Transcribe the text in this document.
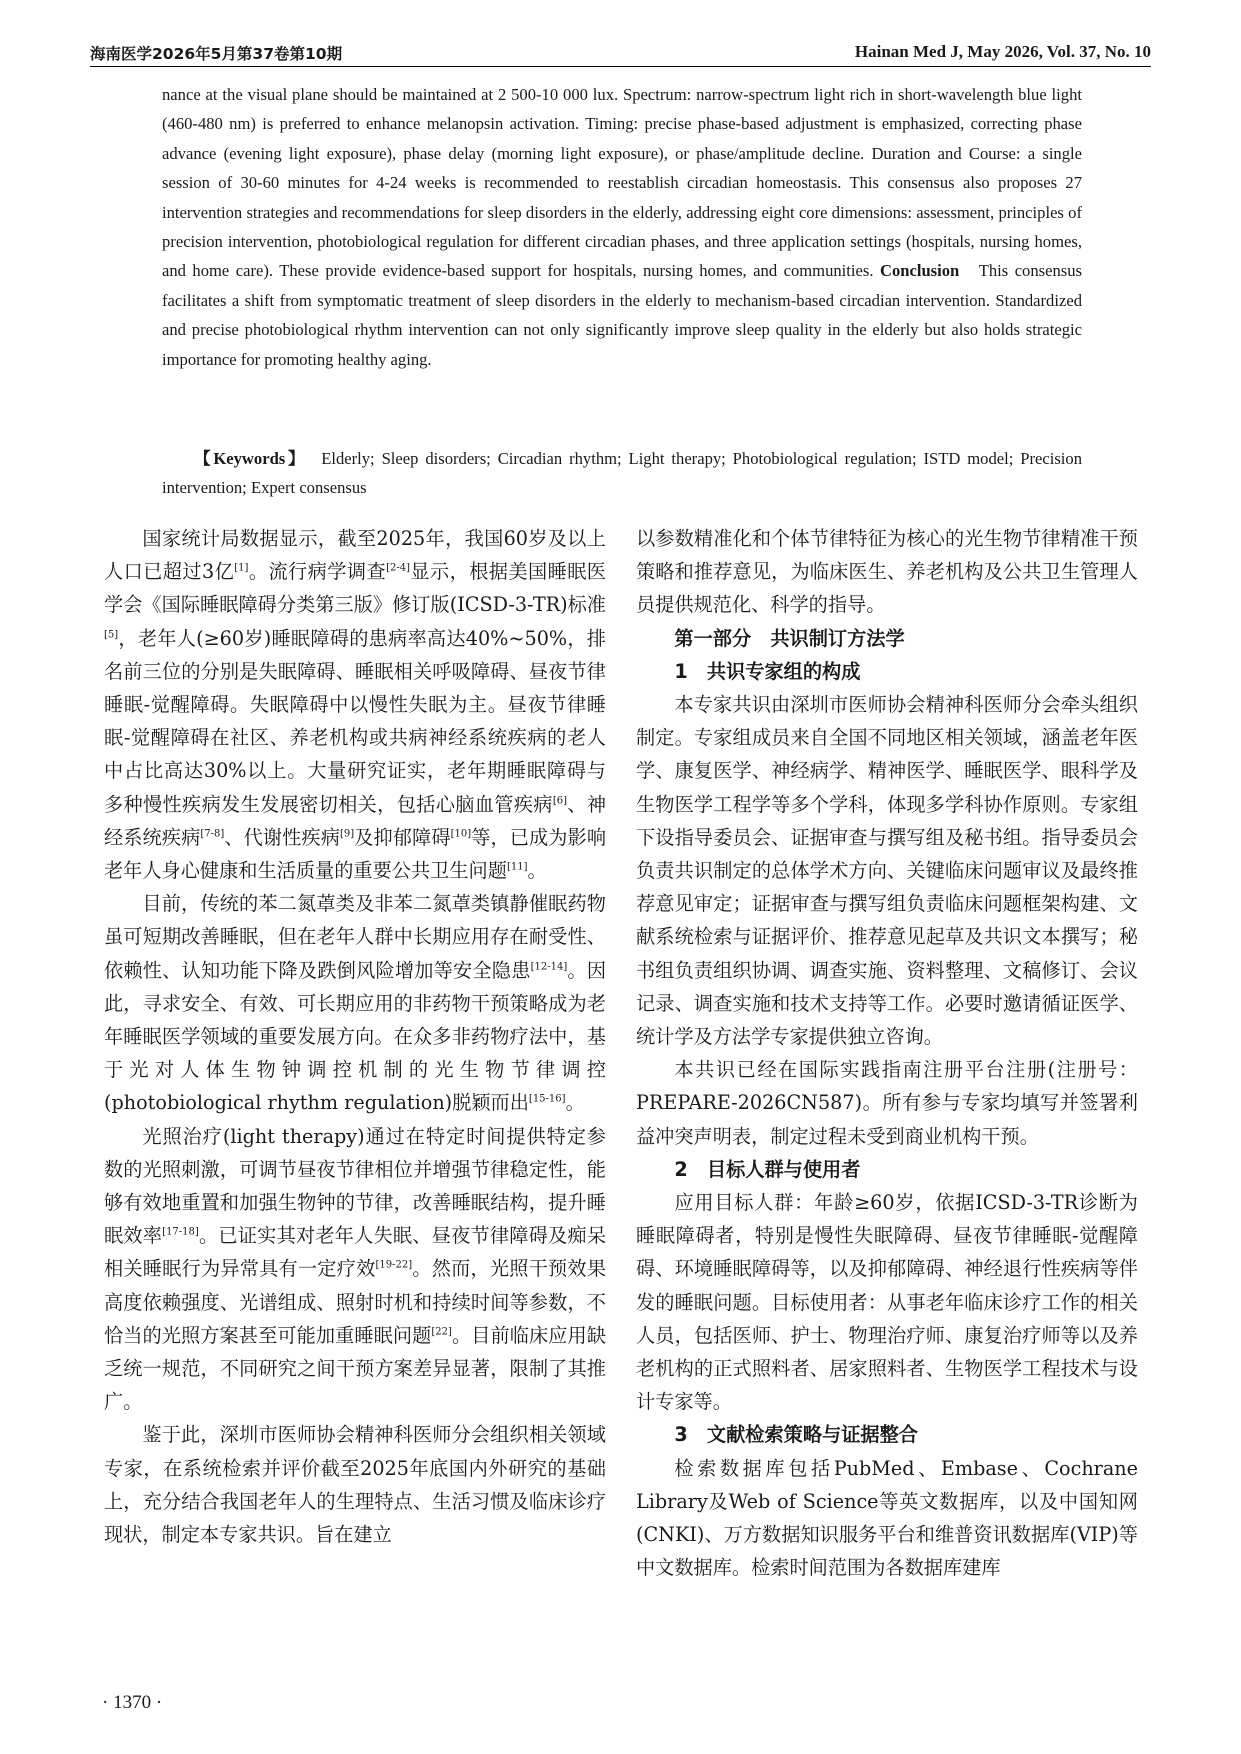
海南医学2026年5月第37卷第10期	Hainan Med J, May 2026, Vol. 37, No. 10

nance at the visual plane should be maintained at 2 500-10 000 lux. Spectrum: narrow-spectrum light rich in short-wavelength blue light (460-480 nm) is preferred to enhance melanopsin activation. Timing: precise phase-based adjustment is emphasized, correcting phase advance (evening light exposure), phase delay (morning light exposure), or phase/amplitude decline. Duration and Course: a single session of 30-60 minutes for 4-24 weeks is recommended to reestablish circadian homeostasis. This consensus also proposes 27 intervention strategies and recommendations for sleep disorders in the elderly, addressing eight core dimensions: assessment, principles of precision intervention, photobiological regulation for different circadian phases, and three application settings (hospitals, nursing homes, and home care). These provide evidence-based support for hospitals, nursing homes, and communities. Conclusion This consensus facilitates a shift from symptomatic treatment of sleep disorders in the elderly to mechanism-based circadian intervention. Standardized and precise photobiological rhythm intervention can not only significantly improve sleep quality in the elderly but also holds strategic importance for promoting healthy aging.

【Keywords】 Elderly; Sleep disorders; Circadian rhythm; Light therapy; Photobiological regulation; ISTD model; Precision intervention; Expert consensus

国家统计局数据显示，截至2025年，我国60岁及以上人口已超过3亿[1]。流行病学调查[2-4]显示，根据美国睡眠医学会《国际睡眠障碍分类第三版》修订版(ICSD-3-TR)标准[5]，老年人(≥60岁)睡眠障碍的患病率高达40%~50%，排名前三位的分别是失眠障碍、睡眠相关呼吸障碍、昼夜节律睡眠-觉醒障碍。失眠障碍中以慢性失眠为主。昼夜节律睡眠-觉醒障碍在社区、养老机构或共病神经系统疾病的老人中占比高达30%以上。大量研究证实，老年期睡眠障碍与多种慢性疾病发生发展密切相关，包括心脑血管疾病[6]、神经系统疾病[7-8]、代谢性疾病[9]及抑郁障碍[10]等，已成为影响老年人身心健康和生活质量的重要公共卫生问题[11]。

目前，传统的苯二氮䓬类及非苯二氮䓬类镇静催眠药物虽可短期改善睡眠，但在老年人群中长期应用存在耐受性、依赖性、认知功能下降及跌倒风险增加等安全隐患[12-14]。因此，寻求安全、有效、可长期应用的非药物干预策略成为老年睡眠医学领域的重要发展方向。在众多非药物疗法中，基于光对人体生物钟调控机制的光生物节律调控(photobiological rhythm regulation)脱颖而出[15-16]。

光照治疗(light therapy)通过在特定时间提供特定参数的光照刺激，可调节昼夜节律相位并增强节律稳定性，能够有效地重置和加强生物钟的节律，改善睡眠结构，提升睡眠效率[17-18]。已证实其对老年人失眠、昼夜节律障碍及痴呆相关睡眠行为异常具有一定疗效[19-22]。然而，光照干预效果高度依赖强度、光谱组成、照射时机和持续时间等参数，不恰当的光照方案甚至可能加重睡眠问题[22]。目前临床应用缺乏统一规范，不同研究之间干预方案差异显著，限制了其推广。

鉴于此，深圳市医师协会精神科医师分会组织相关领域专家，在系统检索并评价截至2025年底国内外研究的基础上，充分结合我国老年人的生理特点、生活习惯及临床诊疗现状，制定本专家共识。旨在建立

以参数精准化和个体节律特征为核心的光生物节律精准干预策略和推荐意见，为临床医生、养老机构及公共卫生管理人员提供规范化、科学的指导。

第一部分　共识制订方法学
1　共识专家组的构成

本专家共识由深圳市医师协会精神科医师分会牵头组织制定。专家组成员来自全国不同地区相关领域，涵盖老年医学、康复医学、神经病学、精神医学、睡眠医学、眼科学及生物医学工程学等多个学科，体现多学科协作原则。专家组下设指导委员会、证据审查与撰写组及秘书组。指导委员会负责共识制定的总体学术方向、关键临床问题审议及最终推荐意见审定；证据审查与撰写组负责临床问题框架构建、文献系统检索与证据评价、推荐意见起草及共识文本撰写；秘书组负责组织协调、调查实施、资料整理、文稿修订、会议记录、调查实施和技术支持等工作。必要时邀请循证医学、统计学及方法学专家提供独立咨询。

本共识已经在国际实践指南注册平台注册(注册号：PREPARE-2026CN587)。所有参与专家均填写并签署利益冲突声明表，制定过程未受到商业机构干预。

2　目标人群与使用者

应用目标人群：年龄≥60岁，依据ICSD-3-TR诊断为睡眠障碍者，特别是慢性失眠障碍、昼夜节律睡眠-觉醒障碍、环境睡眠障碍等，以及抑郁障碍、神经退行性疾病等伴发的睡眠问题。目标使用者：从事老年临床诊疗工作的相关人员，包括医师、护士、物理治疗师、康复治疗师等以及养老机构的正式照料者、居家照料者、生物医学工程技术与设计专家等。

3　文献检索策略与证据整合

检索数据库包括PubMed、Embase、Cochrane Library及Web of Science等英文数据库，以及中国知网(CNKI)、万方数据知识服务平台和维普资讯数据库(VIP)等中文数据库。检索时间范围为各数据库建库

· 1370 ·
